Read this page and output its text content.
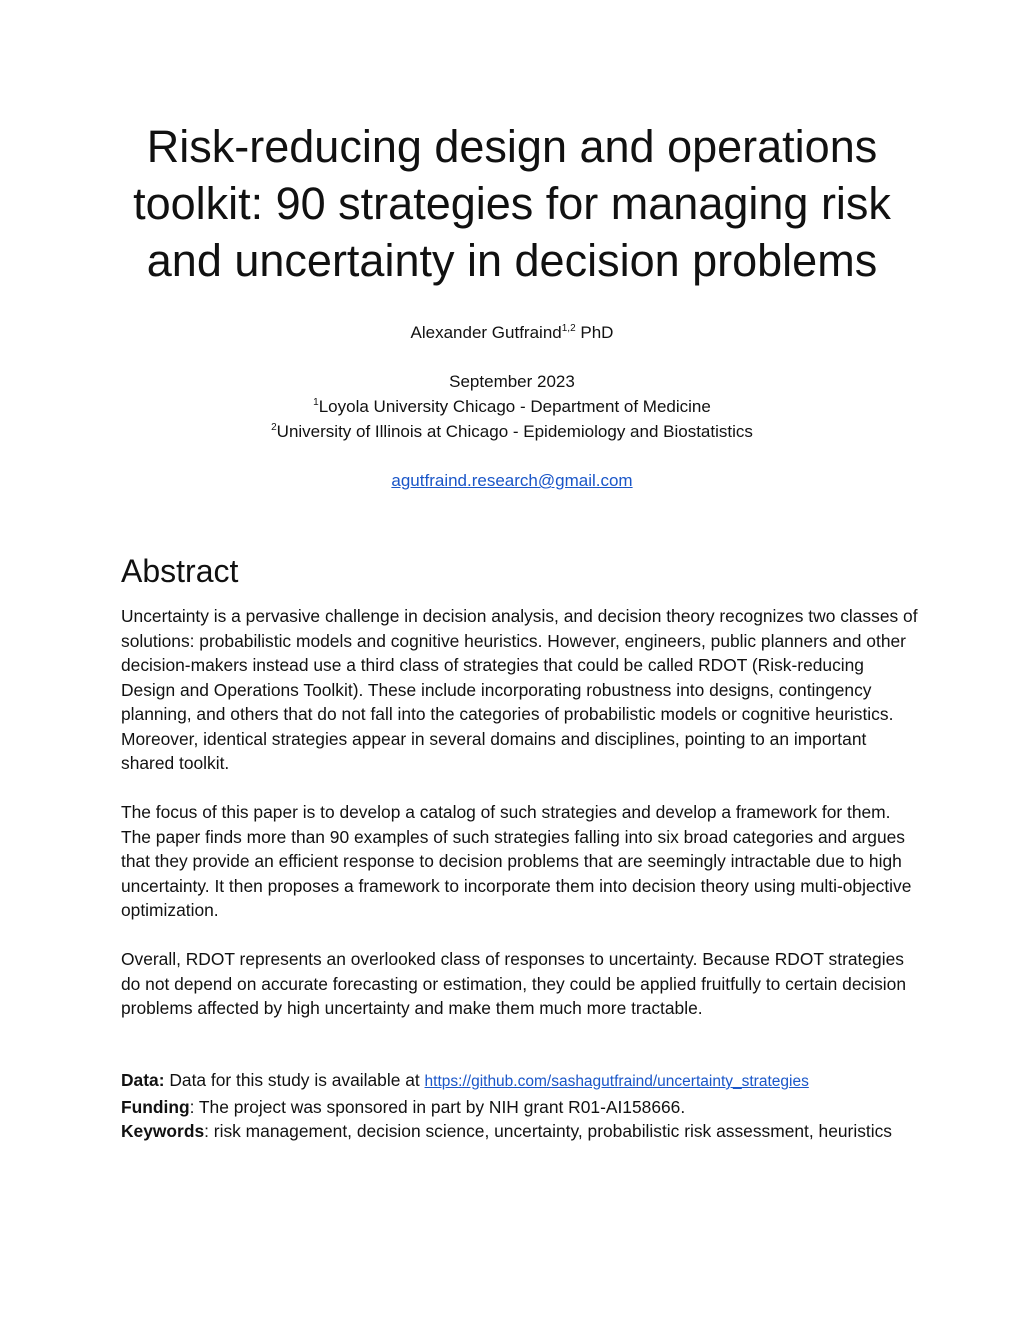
Risk-reducing design and operations
toolkit: 90 strategies for managing risk
and uncertainty in decision problems
Alexander Gutfraind$^{1,2}$ PhD
September 2023
$^1$Loyola University Chicago - Department of Medicine
$^2$University of Illinois at Chicago - Epidemiology and Biostatistics
agutfraind.research@gmail.com
Abstract

Uncertainty is a pervasive challenge in decision analysis, and decision theory recognizes two classes of solutions: probabilistic models and cognitive heuristics. However, engineers, public planners and other decision-makers instead use a third class of strategies that could be called RDOT (Risk-reducing Design and Operations Toolkit). These include incorporating robustness into designs, contingency planning, and others that do not fall into the categories of probabilistic models or cognitive heuristics. Moreover, identical strategies appear in several domains and disciplines, pointing to an important shared toolkit.

The focus of this paper is to develop a catalog of such strategies and develop a framework for them. The paper finds more than 90 examples of such strategies falling into six broad categories and argues that they provide an efficient response to decision problems that are seemingly intractable due to high uncertainty. It then proposes a framework to incorporate them into decision theory using multi-objective optimization.

Overall, RDOT represents an overlooked class of responses to uncertainty. Because RDOT strategies do not depend on accurate forecasting or estimation, they could be applied fruitfully to certain decision problems affected by high uncertainty and make them much more tractable.

Data: Data for this study is available at https://github.com/sashagutfraind/uncertainty_strategies
Funding: The project was sponsored in part by NIH grant R01-AI158666.
Keywords: risk management, decision science, uncertainty, probabilistic risk assessment, heuristics
